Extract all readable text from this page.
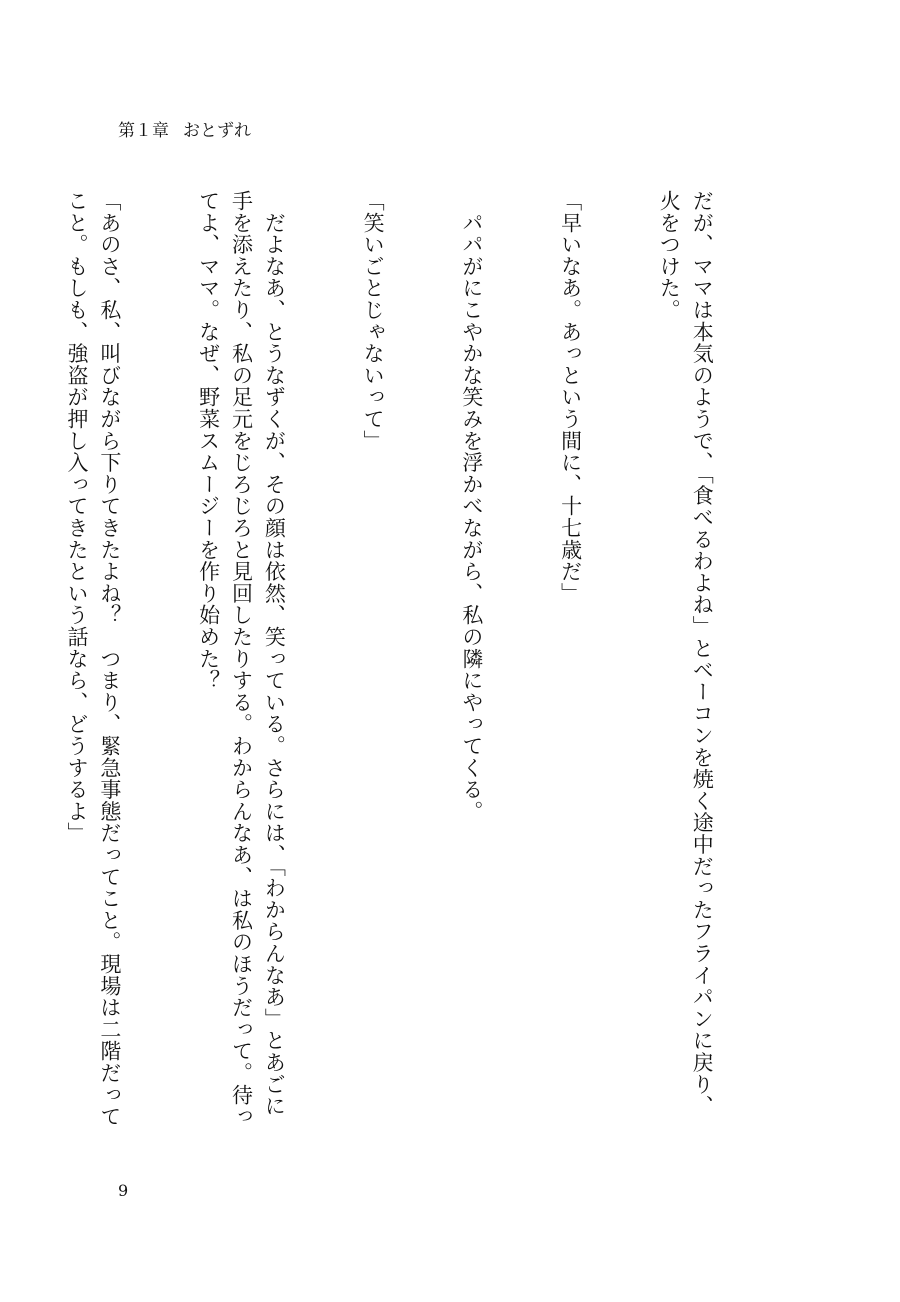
第１章 おとずれ

だが、ママは本気のようで、「食べるわよね」とベーコンを焼く途中だったフライパンに戻り、火をつけた。

「早いなあ。あっという間に、十七歳だ」

　パパがにこやかな笑みを浮かべながら、私の隣にやってくる。

「笑いごとじゃないって」

　だよなあ、とうなずくが、その顔は依然、笑っている。さらには、「わからんなあ」とあごに手を添えたり、私の足元をじろじろと見回したりする。わからんなあ、は私のほうだって。待ってよ、ママ。なぜ、野菜スムージーを作り始めた？

「あのさ、私、叫びながら下りてきたよね？　つまり、緊急事態だってこと。現場は二階だってこと。もしも、強盗が押し入ってきたという話なら、どうするよ」

9
